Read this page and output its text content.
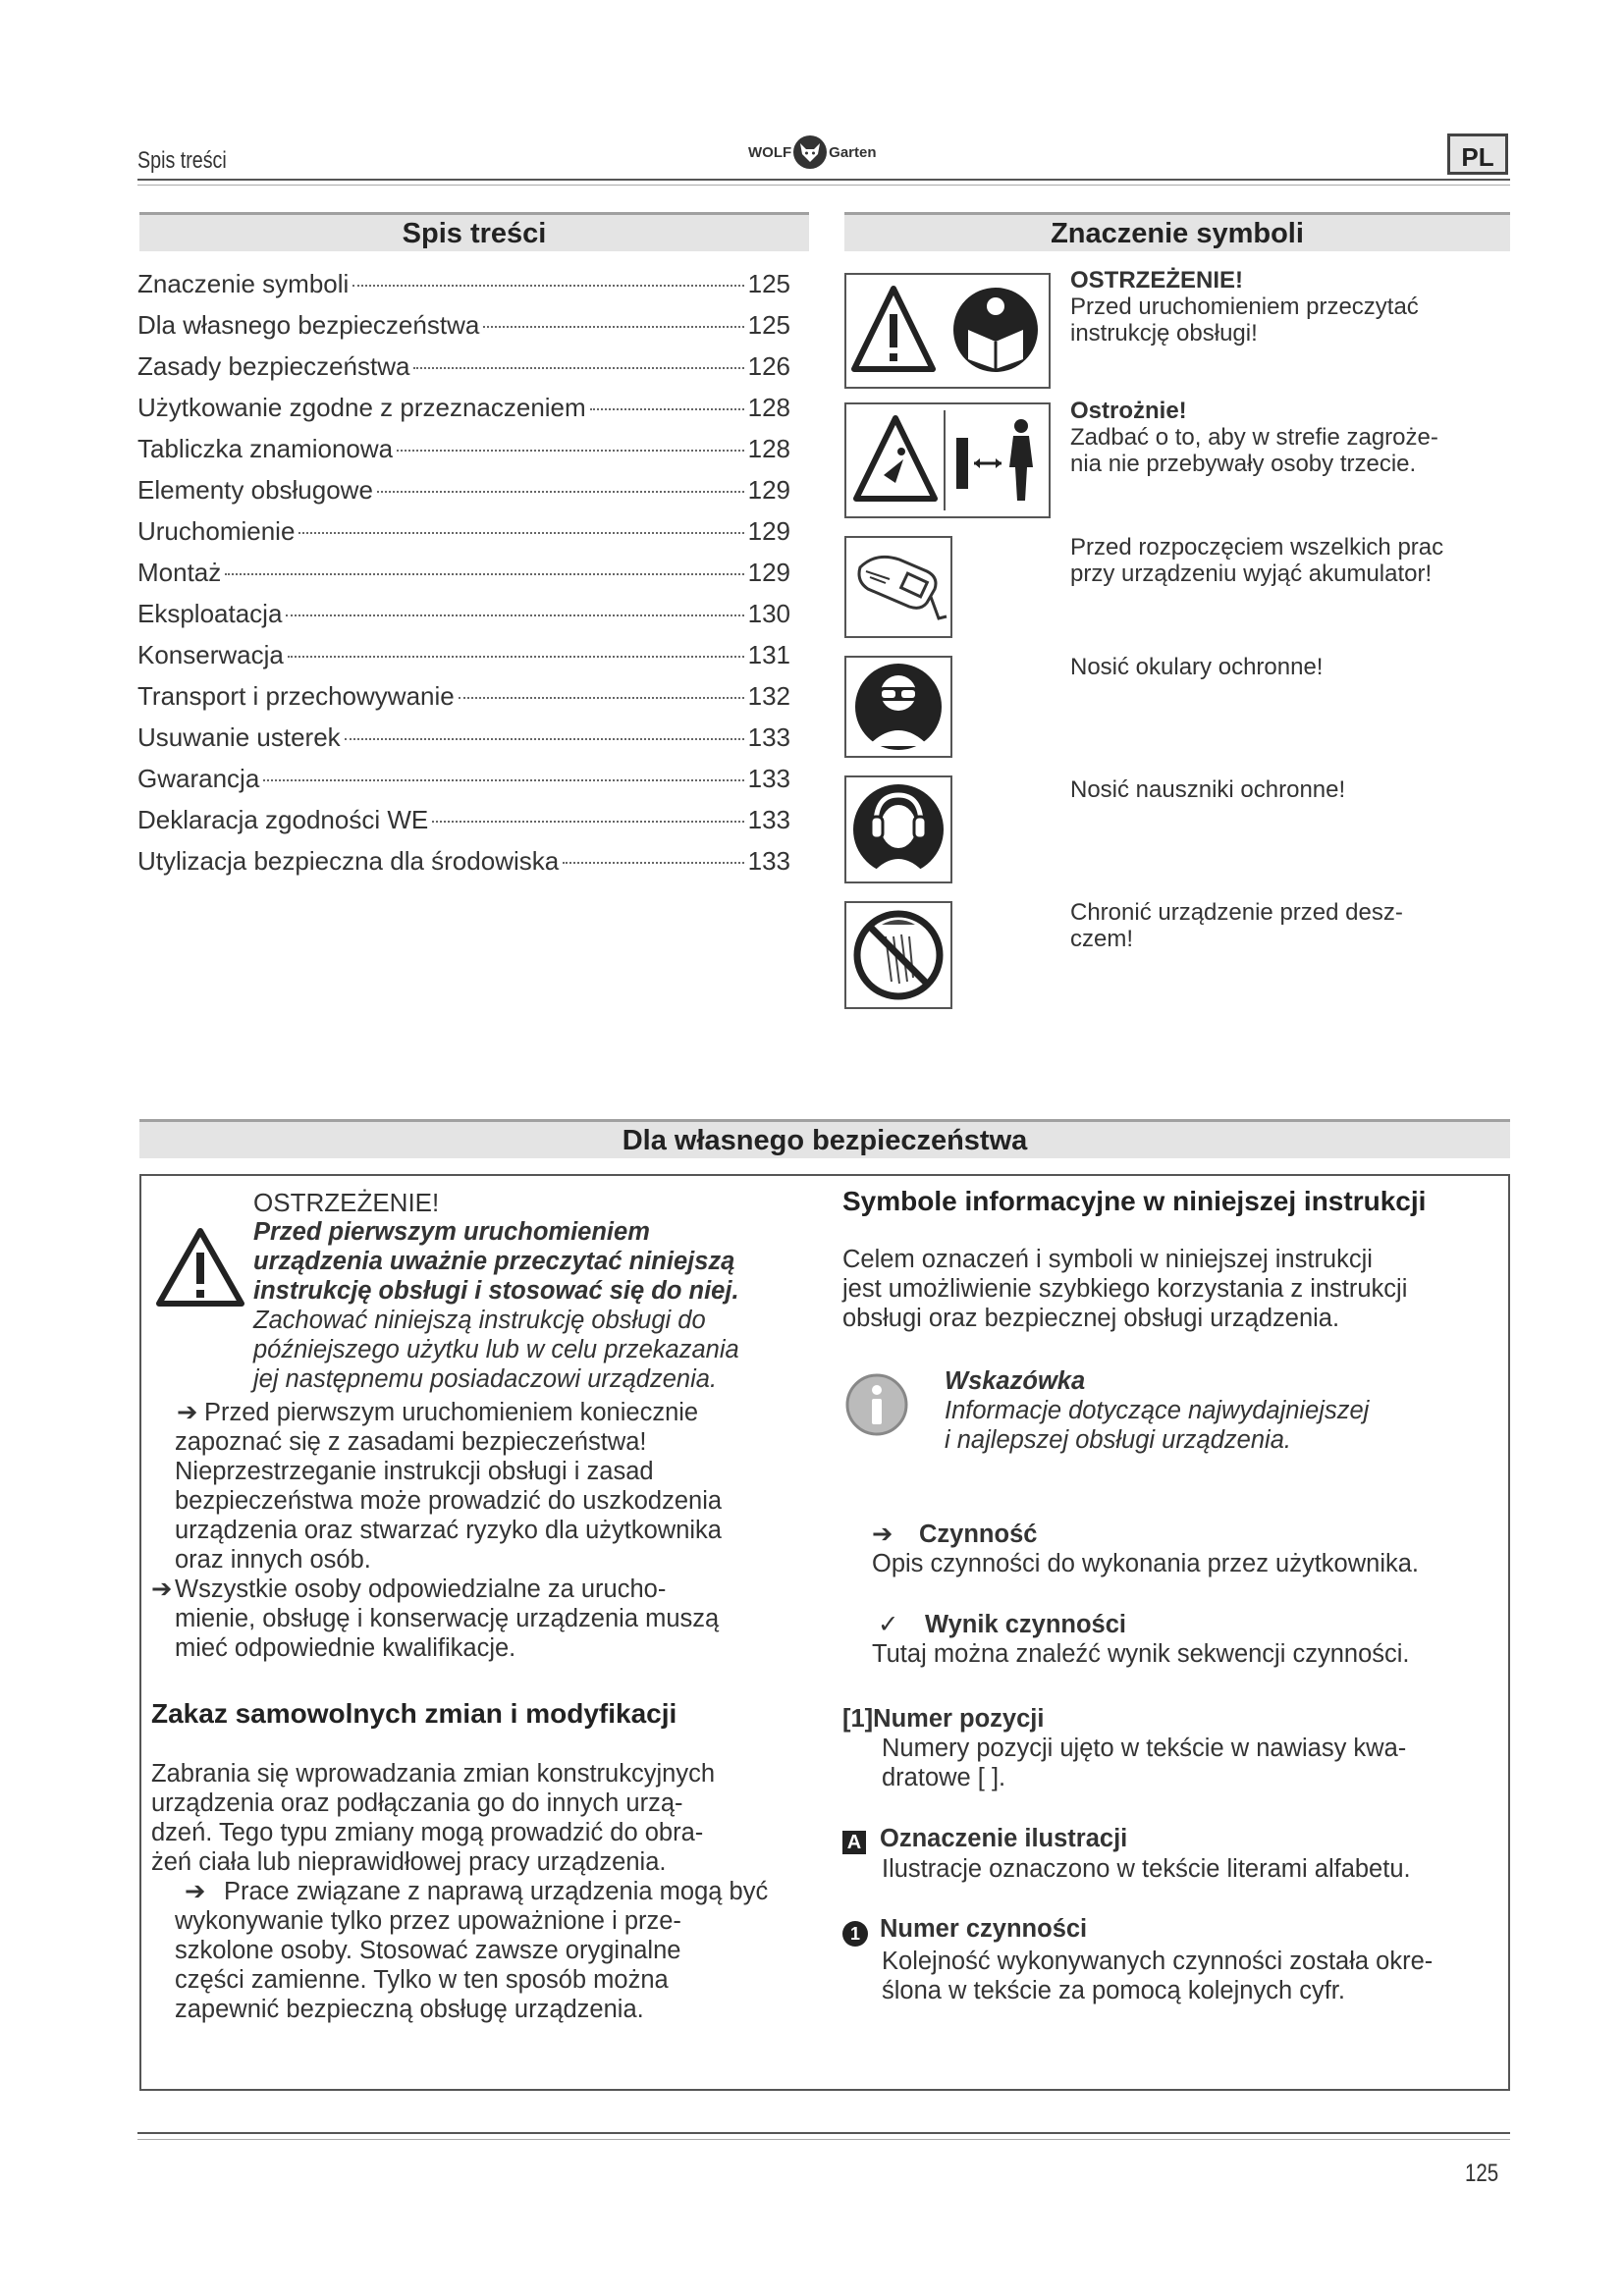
Spis treści	WOLF	Garten	PL
Spis treści
Znaczenie symboli	125
Dla własnego bezpieczeństwa	125
Zasady bezpieczeństwa	126
Użytkowanie zgodne z przeznaczeniem	128
Tabliczka znamionowa	128
Elementy obsługowe	129
Uruchomienie	129
Montaż	129
Eksploatacja	130
Konserwacja	131
Transport i przechowywanie	132
Usuwanie usterek	133
Gwarancja	133
Deklaracja zgodności WE	133
Utylizacja bezpieczna dla środowiska	133
Znaczenie symboli
OSTRZEŻENIE!
Przed uruchomieniem przeczytać
instrukcję obsługi!
Ostrożnie!
Zadbać o to, aby w strefie zagroże-
nia nie przebywały osoby trzecie.
Przed rozpoczęciem wszelkich prac
przy urządzeniu wyjąć akumulator!
Nosić okulary ochronne!
Nosić nauszniki ochronne!
Chronić urządzenie przed desz-
czem!
Dla własnego bezpieczeństwa
OSTRZEŻENIE!
Przed pierwszym uruchomieniem
urządzenia uważnie przeczytać niniejszą
instrukcję obsługi i stosować się do niej.
Zachować niniejszą instrukcję obsługi do
późniejszego użytku lub w celu przekazania
jej następnemu posiadaczowi urządzenia.
➔ Przed pierwszym uruchomieniem koniecznie
zapoznać się z zasadami bezpieczeństwa!
Nieprzestrzeganie instrukcji obsługi i zasad
bezpieczeństwa może prowadzić do uszkodzenia
urządzenia oraz stwarzać ryzyko dla użytkownika
oraz innych osób.
➔ Wszystkie osoby odpowiedzialne za urucho-
mienie, obsługę i konserwację urządzenia muszą
mieć odpowiednie kwalifikacje.
Zakaz samowolnych zmian i modyfikacji
Zabrania się wprowadzania zmian konstrukcyjnych
urządzenia oraz podłączania go do innych urzą-
dzeń. Tego typu zmiany mogą prowadzić do obra-
żeń ciała lub nieprawidłowej pracy urządzenia.
➔ Prace związane z naprawą urządzenia mogą być
wykonywanie tylko przez upoważnione i prze-
szkolone osoby. Stosować zawsze oryginalne
części zamienne. Tylko w ten sposób można
zapewnić bezpieczną obsługę urządzenia.
Symbole informacyjne w niniejszej instrukcji
Celem oznaczeń i symboli w niniejszej instrukcji
jest umożliwienie szybkiego korzystania z instrukcji
obsługi oraz bezpiecznej obsługi urządzenia.
Wskazówka
Informacje dotyczące najwydajniejszej
i najlepszej obsługi urządzenia.
➔ Czynność
Opis czynności do wykonania przez użytkownika.
✓ Wynik czynności
Tutaj można znaleźć wynik sekwencji czynności.
[1]Numer pozycji
Numery pozycji ujęto w tekście w nawiasy kwa-
dratowe [ ].
A Oznaczenie ilustracji
Ilustracje oznaczono w tekście literami alfabetu.
1 Numer czynności
Kolejność wykonywanych czynności została okre-
ślona w tekście za pomocą kolejnych cyfr.
125
